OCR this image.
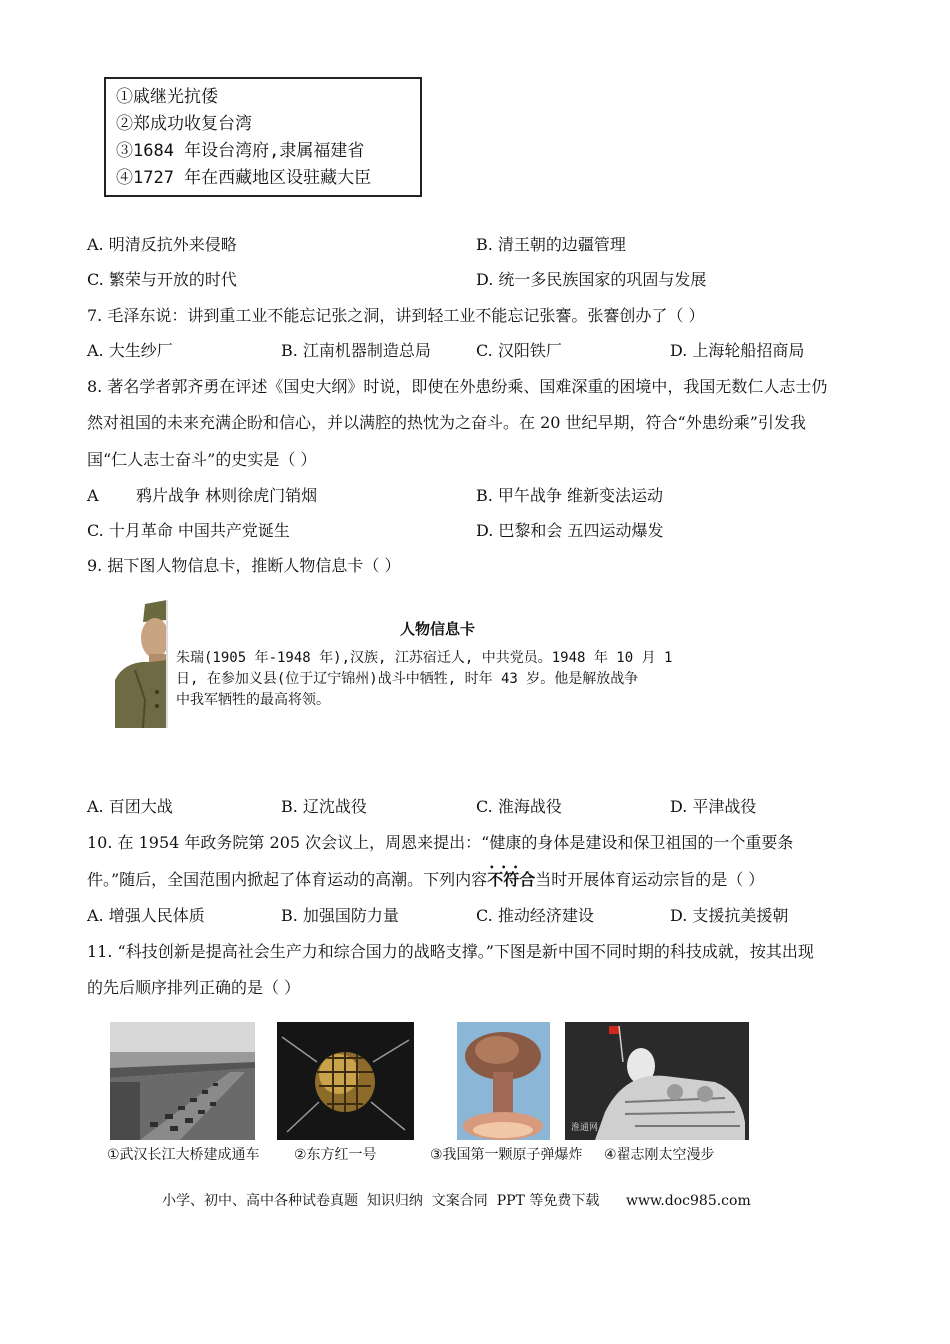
①戚继光抗倭
②郑成功收复台湾
③1684 年设台湾府,隶属福建省
④1727 年在西藏地区设驻藏大臣
A. 明清反抗外来侵略	B. 清王朝的边疆管理
C. 繁荣与开放的时代	D. 统一多民族国家的巩固与发展
7. 毛泽东说：讲到重工业不能忘记张之洞，讲到轻工业不能忘记张謇。张謇创办了（ ）
A. 大生纱厂	B. 江南机器制造总局	C. 汉阳铁厂	D. 上海轮船招商局
8. 著名学者郭齐勇在评述《国史大纲》时说，即使在外患纷乘、国难深重的困境中，我国无数仁人志士仍
然对祖国的未来充满企盼和信心，并以满腔的热忱为之奋斗。在 20 世纪早期，符合“外患纷乘”引发我
国“仁人志士奋斗”的史实是（ ）
A 鸦片战争 林则徐虎门销烟	B. 甲午战争 维新变法运动
C. 十月革命 中国共产党诞生	D. 巴黎和会 五四运动爆发
9. 据下图人物信息卡，推断人物信息卡（ ）
人物信息卡
朱瑞(1905 年-1948 年),汉族, 江苏宿迁人, 中共党员。1948 年 10 月 1
日, 在参加义县(位于辽宁锦州)战斗中牺牲, 时年 43 岁。他是解放战争
中我军牺牲的最高将领。
A. 百团大战	B. 辽沈战役	C. 淮海战役	D. 平津战役
10. 在 1954 年政务院第 205 次会议上，周恩来提出：“健康的身体是建设和保卫祖国的一个重要条
件。”随后，全国范围内掀起了体育运动的高潮。下列内容• • • 不符合当时开展体育运动宗旨的是（ ）
A. 增强人民体质	B. 加强国防力量	C. 推动经济建设	D. 支援抗美援朝
11. “科技创新是提高社会生产力和综合国力的战略支撑。”下图是新中国不同时期的科技成就，按其出现
的先后顺序排列正确的是（ ）
淮通网
①武汉长江大桥建成通车 ②东方红一号	③我国第一颗原子弹爆炸 ④翟志刚太空漫步
小学、初中、高中各种试卷真题  知识归纳  文案合同  PPT 等免费下载      www.doc985.com
